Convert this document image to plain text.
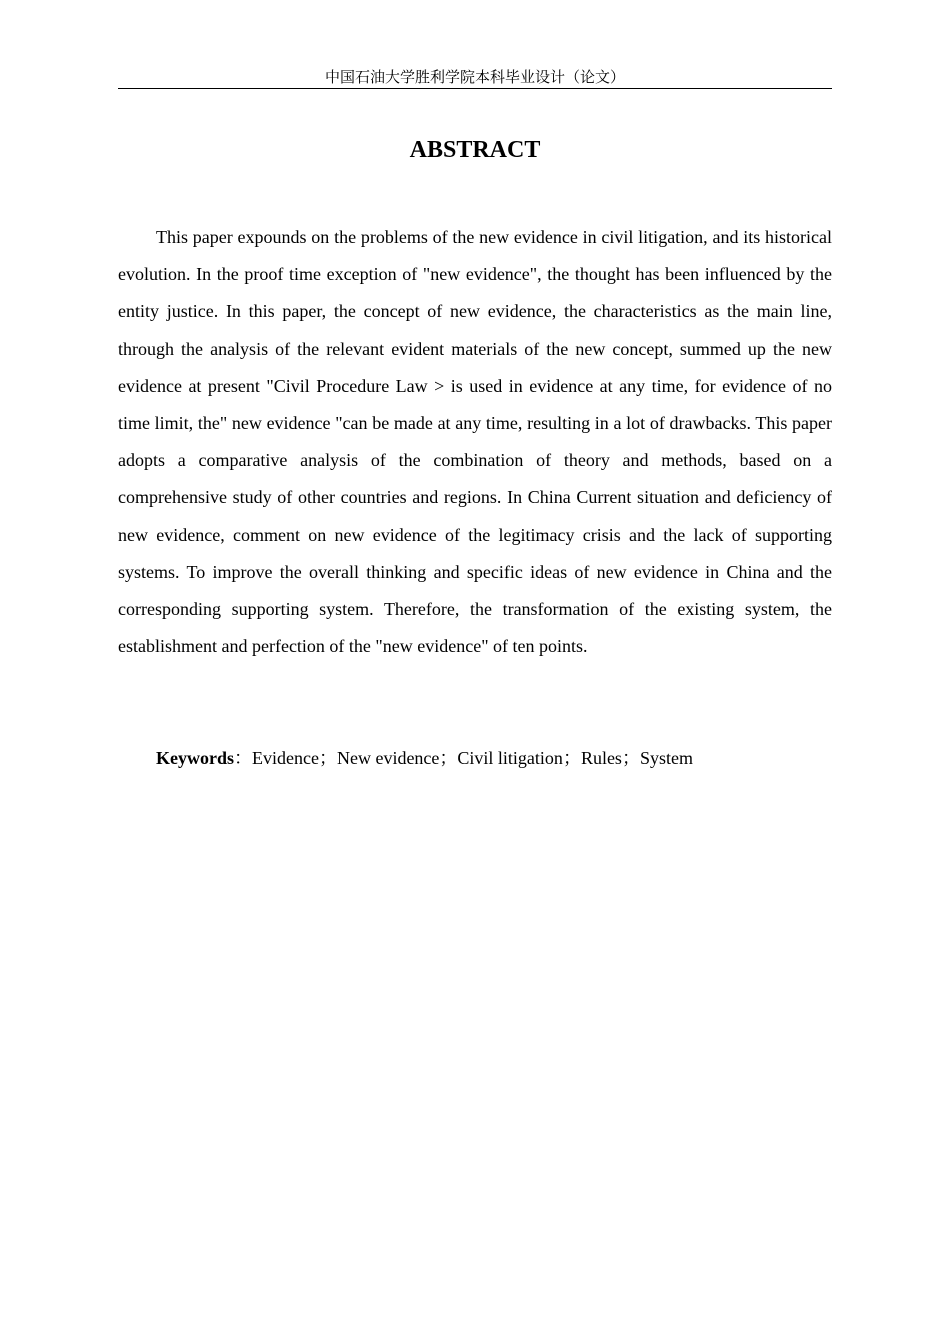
中国石油大学胜利学院本科毕业设计（论文）
ABSTRACT

This paper expounds on the problems of the new evidence in civil litigation, and its historical evolution. In the proof time exception of "new evidence", the thought has been influenced by the entity justice. In this paper, the concept of new evidence, the characteristics as the main line, through the analysis of the relevant evident materials of the new concept, summed up the new evidence at present "Civil Procedure Law > is used in evidence at any time, for evidence of no time limit, the" new evidence "can be made at any time, resulting in a lot of drawbacks. This paper adopts a comparative analysis of the combination of theory and methods, based on a comprehensive study of other countries and regions. In China Current situation and deficiency of new evidence, comment on new evidence of the legitimacy crisis and the lack of supporting systems. To improve the overall thinking and specific ideas of new evidence in China and the corresponding supporting system. Therefore, the transformation of the existing system, the establishment and perfection of the "new evidence" of ten points.

Keywords：Evidence；New evidence；Civil litigation；Rules；System
